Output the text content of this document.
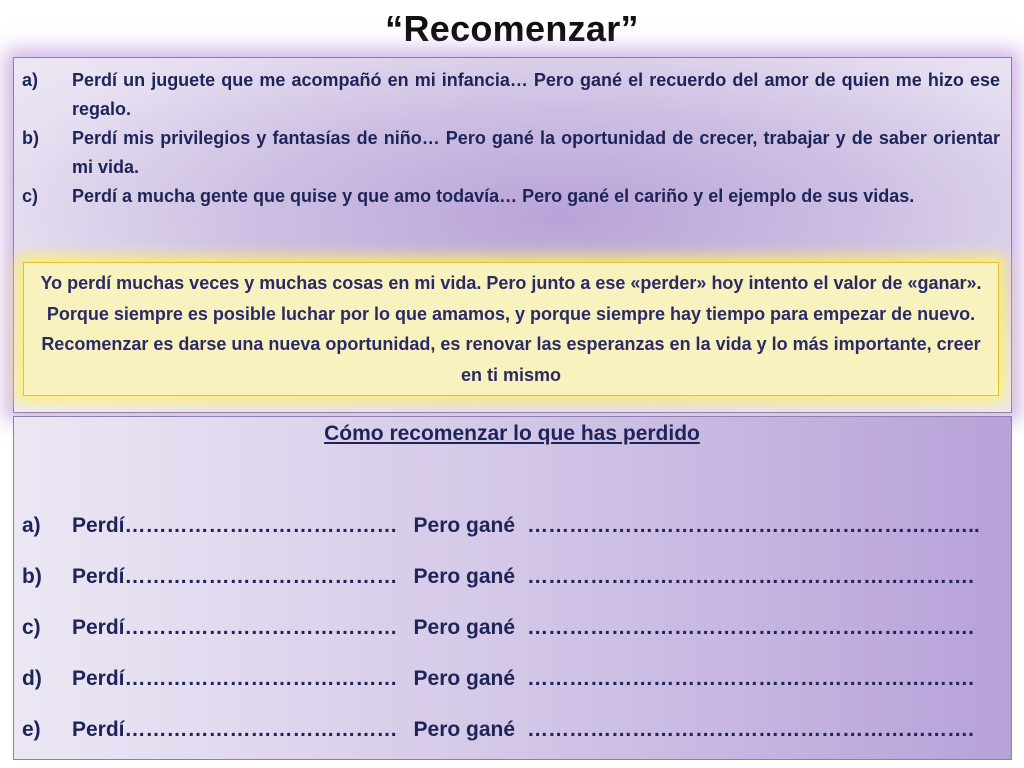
“Recomenzar”
a) Perdí un juguete que me acompañó en mi infancia… Pero gané el recuerdo del amor de quien me hizo ese regalo.
b) Perdí mis privilegios y fantasías de niño… Pero gané la oportunidad de crecer, trabajar y de saber orientar mi vida.
c) Perdí a mucha gente que quise y que amo todavía… Pero gané el cariño y el ejemplo de sus vidas.
Yo perdí muchas veces y muchas cosas en mi vida. Pero junto a ese «perder» hoy intento el valor de «ganar». Porque siempre es posible luchar por lo que amamos, y porque siempre hay tiempo para empezar de nuevo. Recomenzar es darse una nueva oportunidad, es renovar las esperanzas en la vida y lo más importante, creer en ti mismo
Cómo recomenzar lo que has perdido
a) Perdí………………………………… Pero gané ………………………………………………………..
b) Perdí………………………………… Pero gané ……………………………………………………….
c) Perdí………………………………… Pero gané ……………………………………………………….
d) Perdí………………………………… Pero gané ……………………………………………………….
e) Perdí………………………………… Pero gané ……………………………………………………….
